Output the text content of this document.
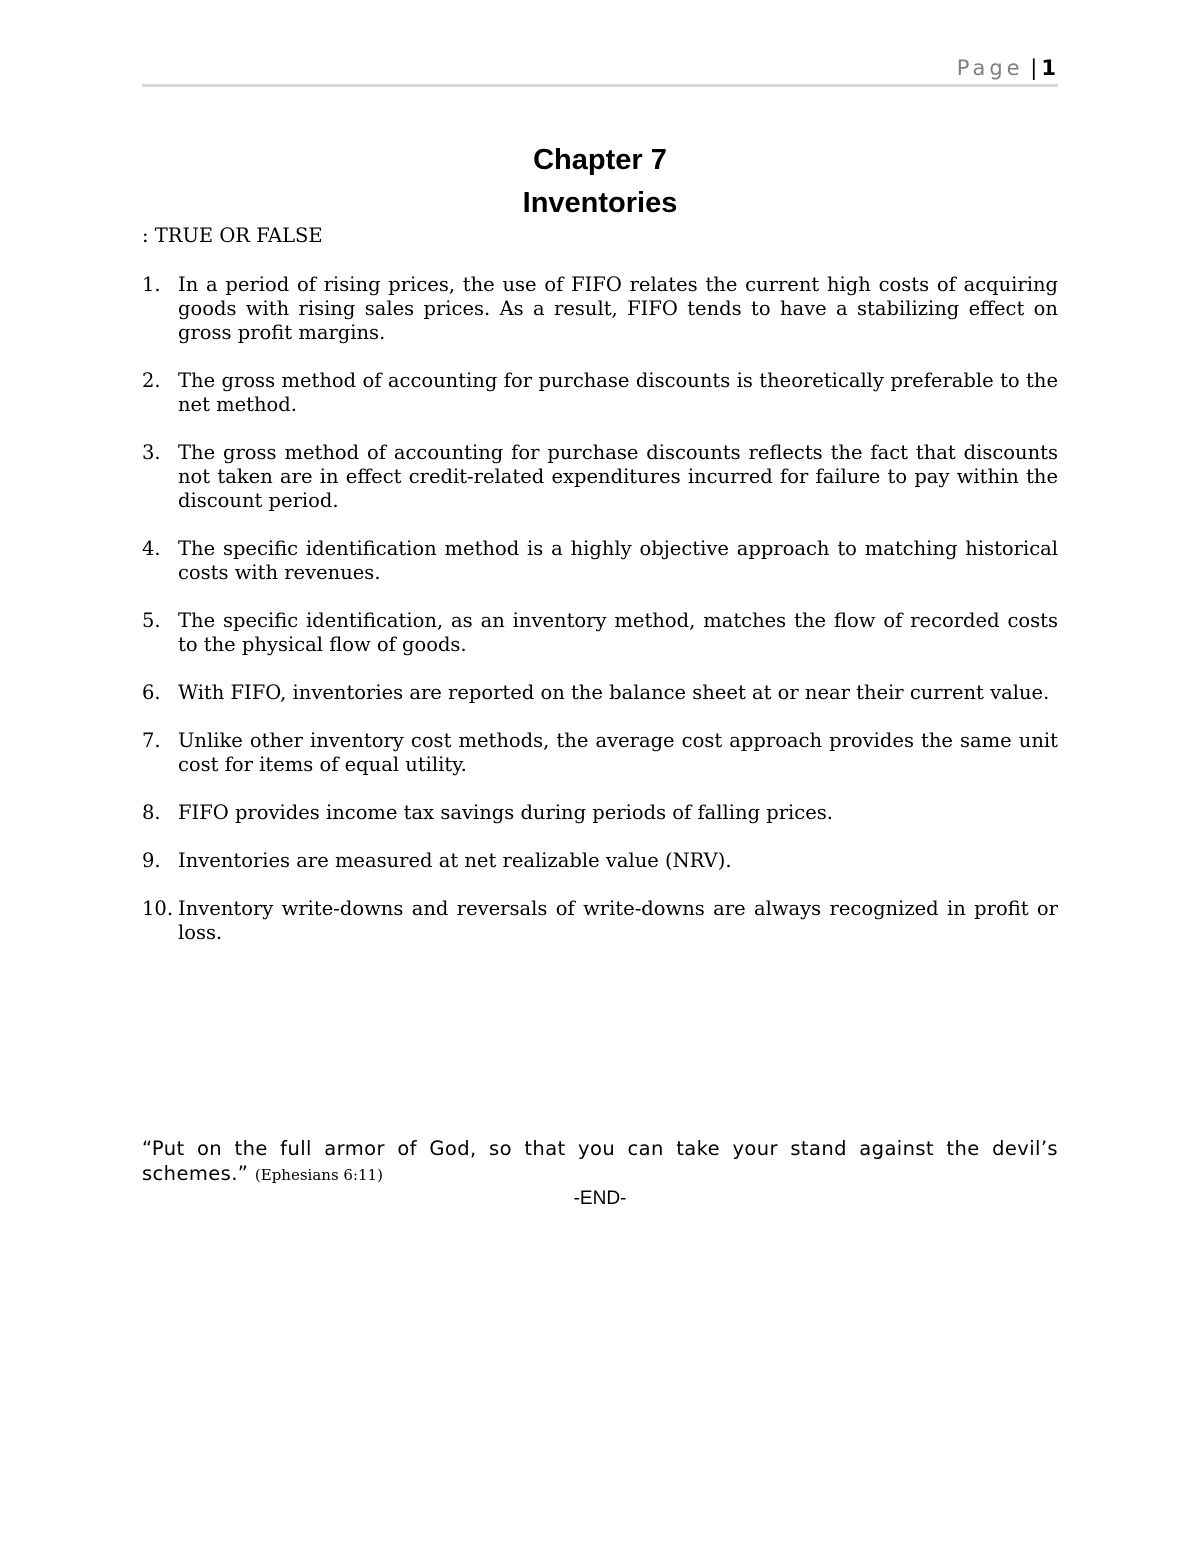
Page | 1
Chapter 7
Inventories

: TRUE OR FALSE

1. In a period of rising prices, the use of FIFO relates the current high costs of acquiring goods with rising sales prices. As a result, FIFO tends to have a stabilizing effect on gross profit margins.
2. The gross method of accounting for purchase discounts is theoretically preferable to the net method.
3. The gross method of accounting for purchase discounts reflects the fact that discounts not taken are in effect credit-related expenditures incurred for failure to pay within the discount period.
4. The specific identification method is a highly objective approach to matching historical costs with revenues.
5. The specific identification, as an inventory method, matches the flow of recorded costs to the physical flow of goods.
6. With FIFO, inventories are reported on the balance sheet at or near their current value.
7. Unlike other inventory cost methods, the average cost approach provides the same unit cost for items of equal utility.
8. FIFO provides income tax savings during periods of falling prices.
9. Inventories are measured at net realizable value (NRV).
10. Inventory write-downs and reversals of write-downs are always recognized in profit or loss.

“Put on the full armor of God, so that you can take your stand against the devil’s schemes.” (Ephesians 6:11)

-END-
